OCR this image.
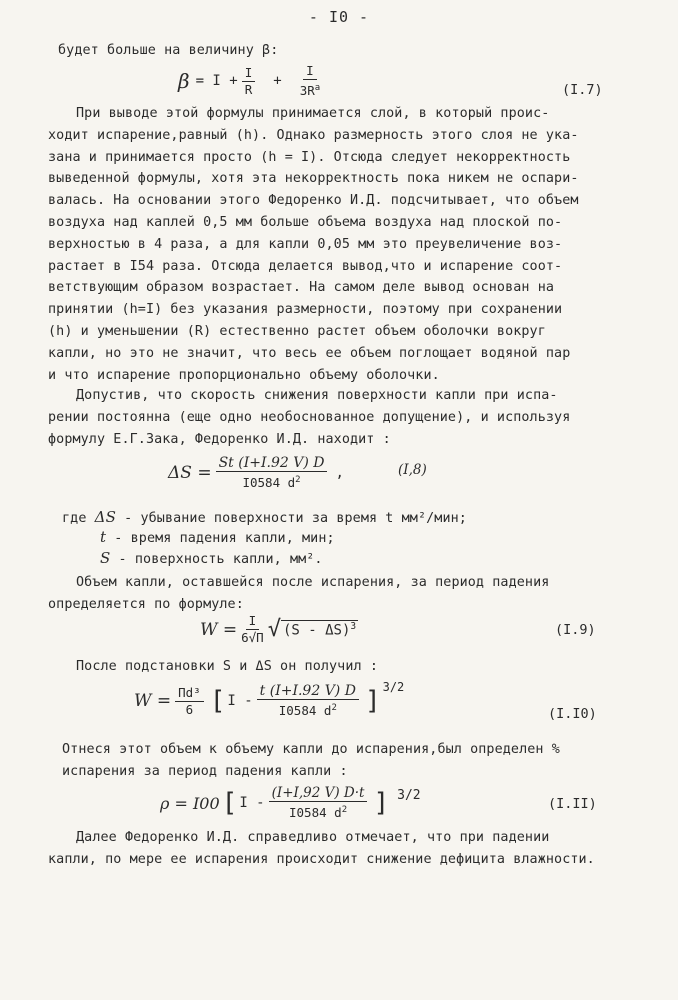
- I0 -
будет больше на величину β:
$\beta = I + \frac{I}{R} + \frac{I}{3R^a}$	(I.7)
При выводе этой формулы принимается слой, в который проис-
ходит испарение,равный (h). Однако размерность этого слоя не ука-
зана и принимается просто (h = I). Отсюда следует некорректность
выведенной формулы, хотя эта некорректность пока никем не оспари-
валась. На основании этого Федоренко И.Д. подсчитывает, что объем
воздуха над каплей 0,5 мм больше объема воздуха над плоской по-
верхностью в 4 раза, а для капли 0,05 мм это преувеличение воз-
растает в I54 раза. Отсюда делается вывод,что и испарение соот-
ветствующим образом возрастает. На самом деле вывод основан на
принятии (h=I) без указания размерности, поэтому при сохранении
(h) и уменьшении (R) естественно растет объем оболочки вокруг
капли, но это не значит, что весь ее объем поглощает водяной пар
и что испарение пропорционально объему оболочки.
Допустив, что скорость снижения поверхности капли при испа-
рении постоянна (еще одно необоснованное допущение), и используя
формулу Е.Г.Зака, Федоренко И.Д. находит :
$\Delta S = \frac{St (I+I.92 V) D}{I0584 d^2}$ ,	(I,8)
где ΔS - убывание поверхности за время t мм²/мин;
t - время падения капли, мин;
S - поверхность капли, мм².
Объем капли, оставшейся после испарения, за период падения
определяется по формуле:
$W = \frac{I}{6√\Pi}$ √ (S - ΔS)$^3$	(I.9)
После подстановки S и ΔS он получил :
$W = \frac{\text{Πd³}}{6}$ [ I - $\frac{t (I+I.92 V) D}{I0584 d^2}$ ] 3/2
(I.I0)
Отнеся этот объем к объему капли до испарения,был определен %
испарения за период падения капли :
ρ = I00 [ I - $\frac{(I+I,92 V) D\cdot t}{I0584 d^2}$ ] 3/2
(I.II)
Далее Федоренко И.Д. справедливо отмечает, что при падении
капли, по мере ее испарения происходит снижение дефицита влажности.
